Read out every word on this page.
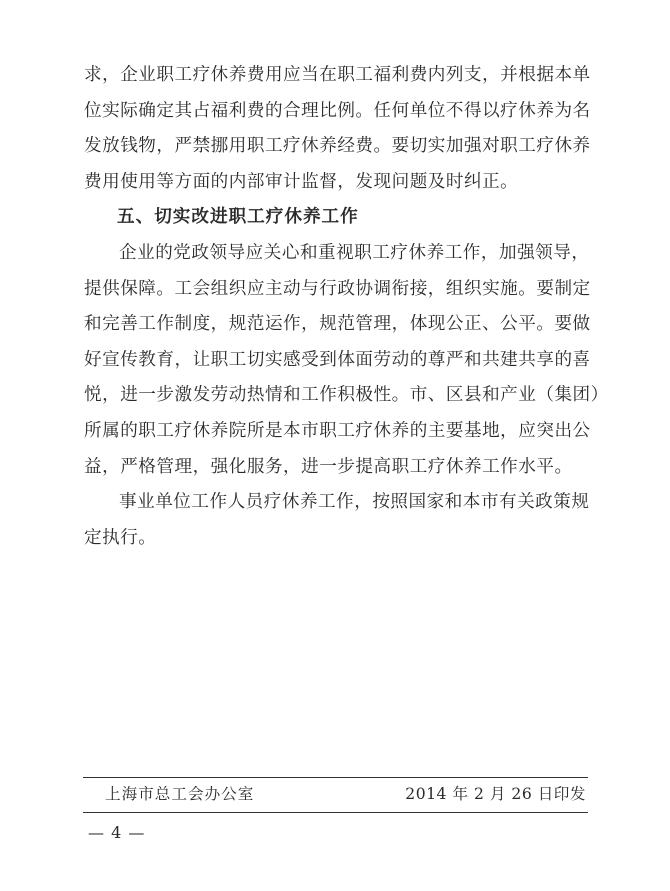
求，企业职工疗休养费用应当在职工福利费内列支，并根据本单
位实际确定其占福利费的合理比例。任何单位不得以疗休养为名
发放钱物，严禁挪用职工疗休养经费。要切实加强对职工疗休养
费用使用等方面的内部审计监督，发现问题及时纠正。
五、切实改进职工疗休养工作
企业的党政领导应关心和重视职工疗休养工作，加强领导，
提供保障。工会组织应主动与行政协调衔接，组织实施。要制定
和完善工作制度，规范运作，规范管理，体现公正、公平。要做
好宣传教育，让职工切实感受到体面劳动的尊严和共建共享的喜
悦，进一步激发劳动热情和工作积极性。市、区县和产业（集团）
所属的职工疗休养院所是本市职工疗休养的主要基地，应突出公
益，严格管理，强化服务，进一步提高职工疗休养工作水平。
事业单位工作人员疗休养工作，按照国家和本市有关政策规
定执行。
上海市总工会办公室	2014 年 2 月 26 日印发
— 4 —
